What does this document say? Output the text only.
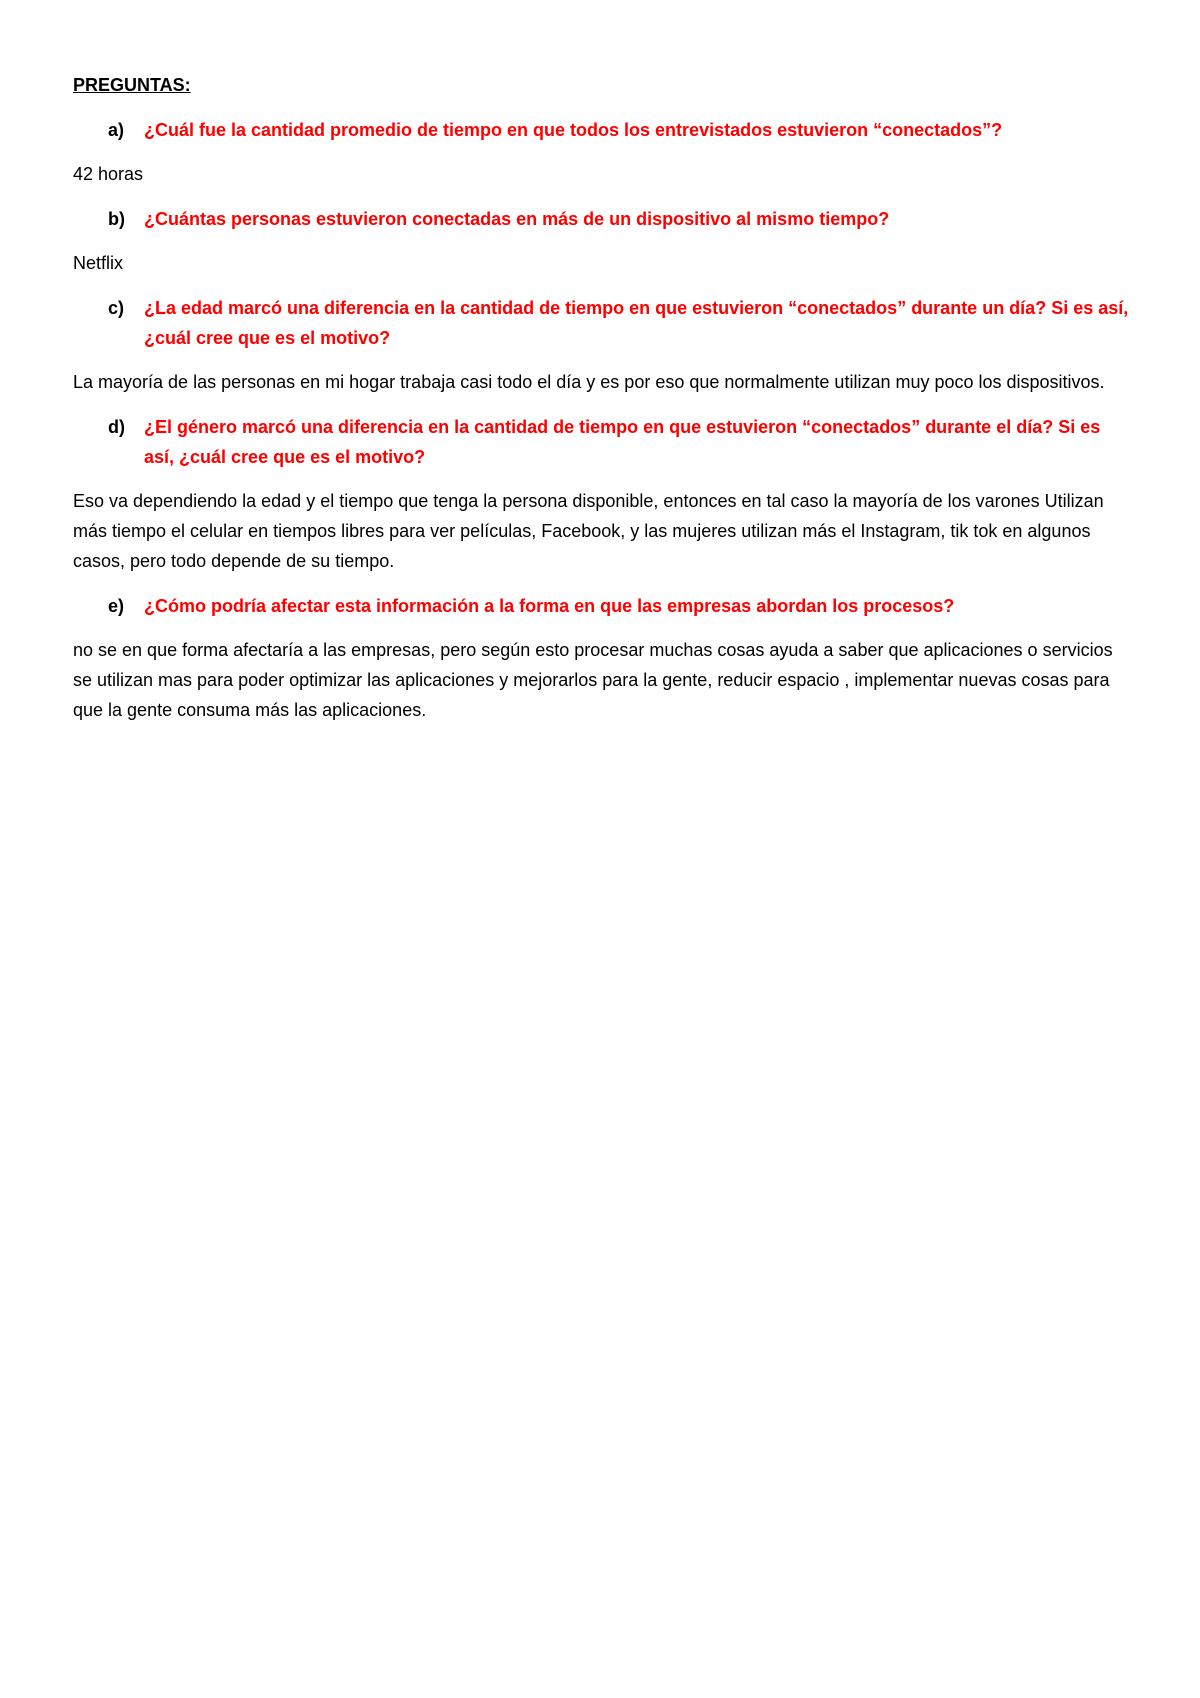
PREGUNTAS:
a)	¿Cuál fue la cantidad promedio de tiempo en que todos los entrevistados estuvieron “conectados”?
42 horas
b)	¿Cuántas personas estuvieron conectadas en más de un dispositivo al mismo tiempo?
Netflix
c)	¿La edad marcó una diferencia en la cantidad de tiempo en que estuvieron “conectados” durante un día? Si es así, ¿cuál cree que es el motivo?
La mayoría de las personas en mi hogar trabaja casi todo el día y es por eso que normalmente utilizan muy poco los dispositivos.
d)	¿El género marcó una diferencia en la cantidad de tiempo en que estuvieron “conectados” durante el día? Si es así, ¿cuál cree que es el motivo?
Eso va dependiendo la edad y el tiempo que tenga la persona disponible, entonces en tal caso la mayoría de los varones Utilizan más tiempo el celular en tiempos libres para ver películas, Facebook, y las mujeres utilizan más el Instagram, tik tok en algunos casos, pero todo depende de su tiempo.
e)	¿Cómo podría afectar esta información a la forma en que las empresas abordan los procesos?
no se en que forma afectaría a las empresas, pero según esto procesar muchas cosas ayuda a saber que aplicaciones o servicios se utilizan mas para poder optimizar las aplicaciones y mejorarlos para la gente, reducir espacio , implementar nuevas cosas para que la gente consuma más las aplicaciones.
